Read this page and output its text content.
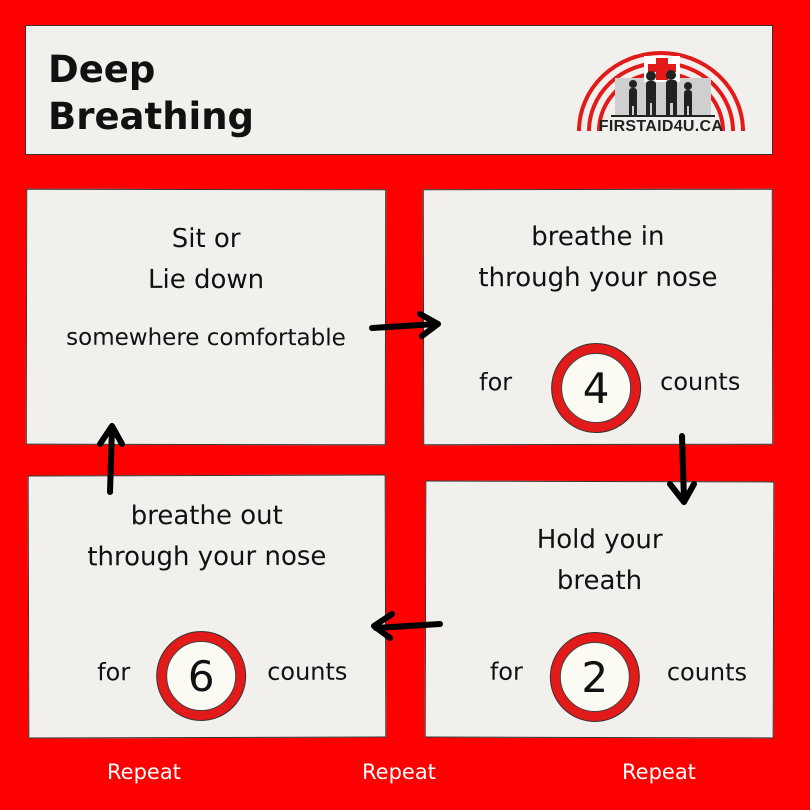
Deep
Breathing	FIRSTAID4U.CA
Sit or
Lie down
somewhere comfortable
breathe in
through your nose
for	4	counts
Hold your
breath
for	2	counts
breathe out
through your nose
for	6	counts
Repeat	Repeat	Repeat
